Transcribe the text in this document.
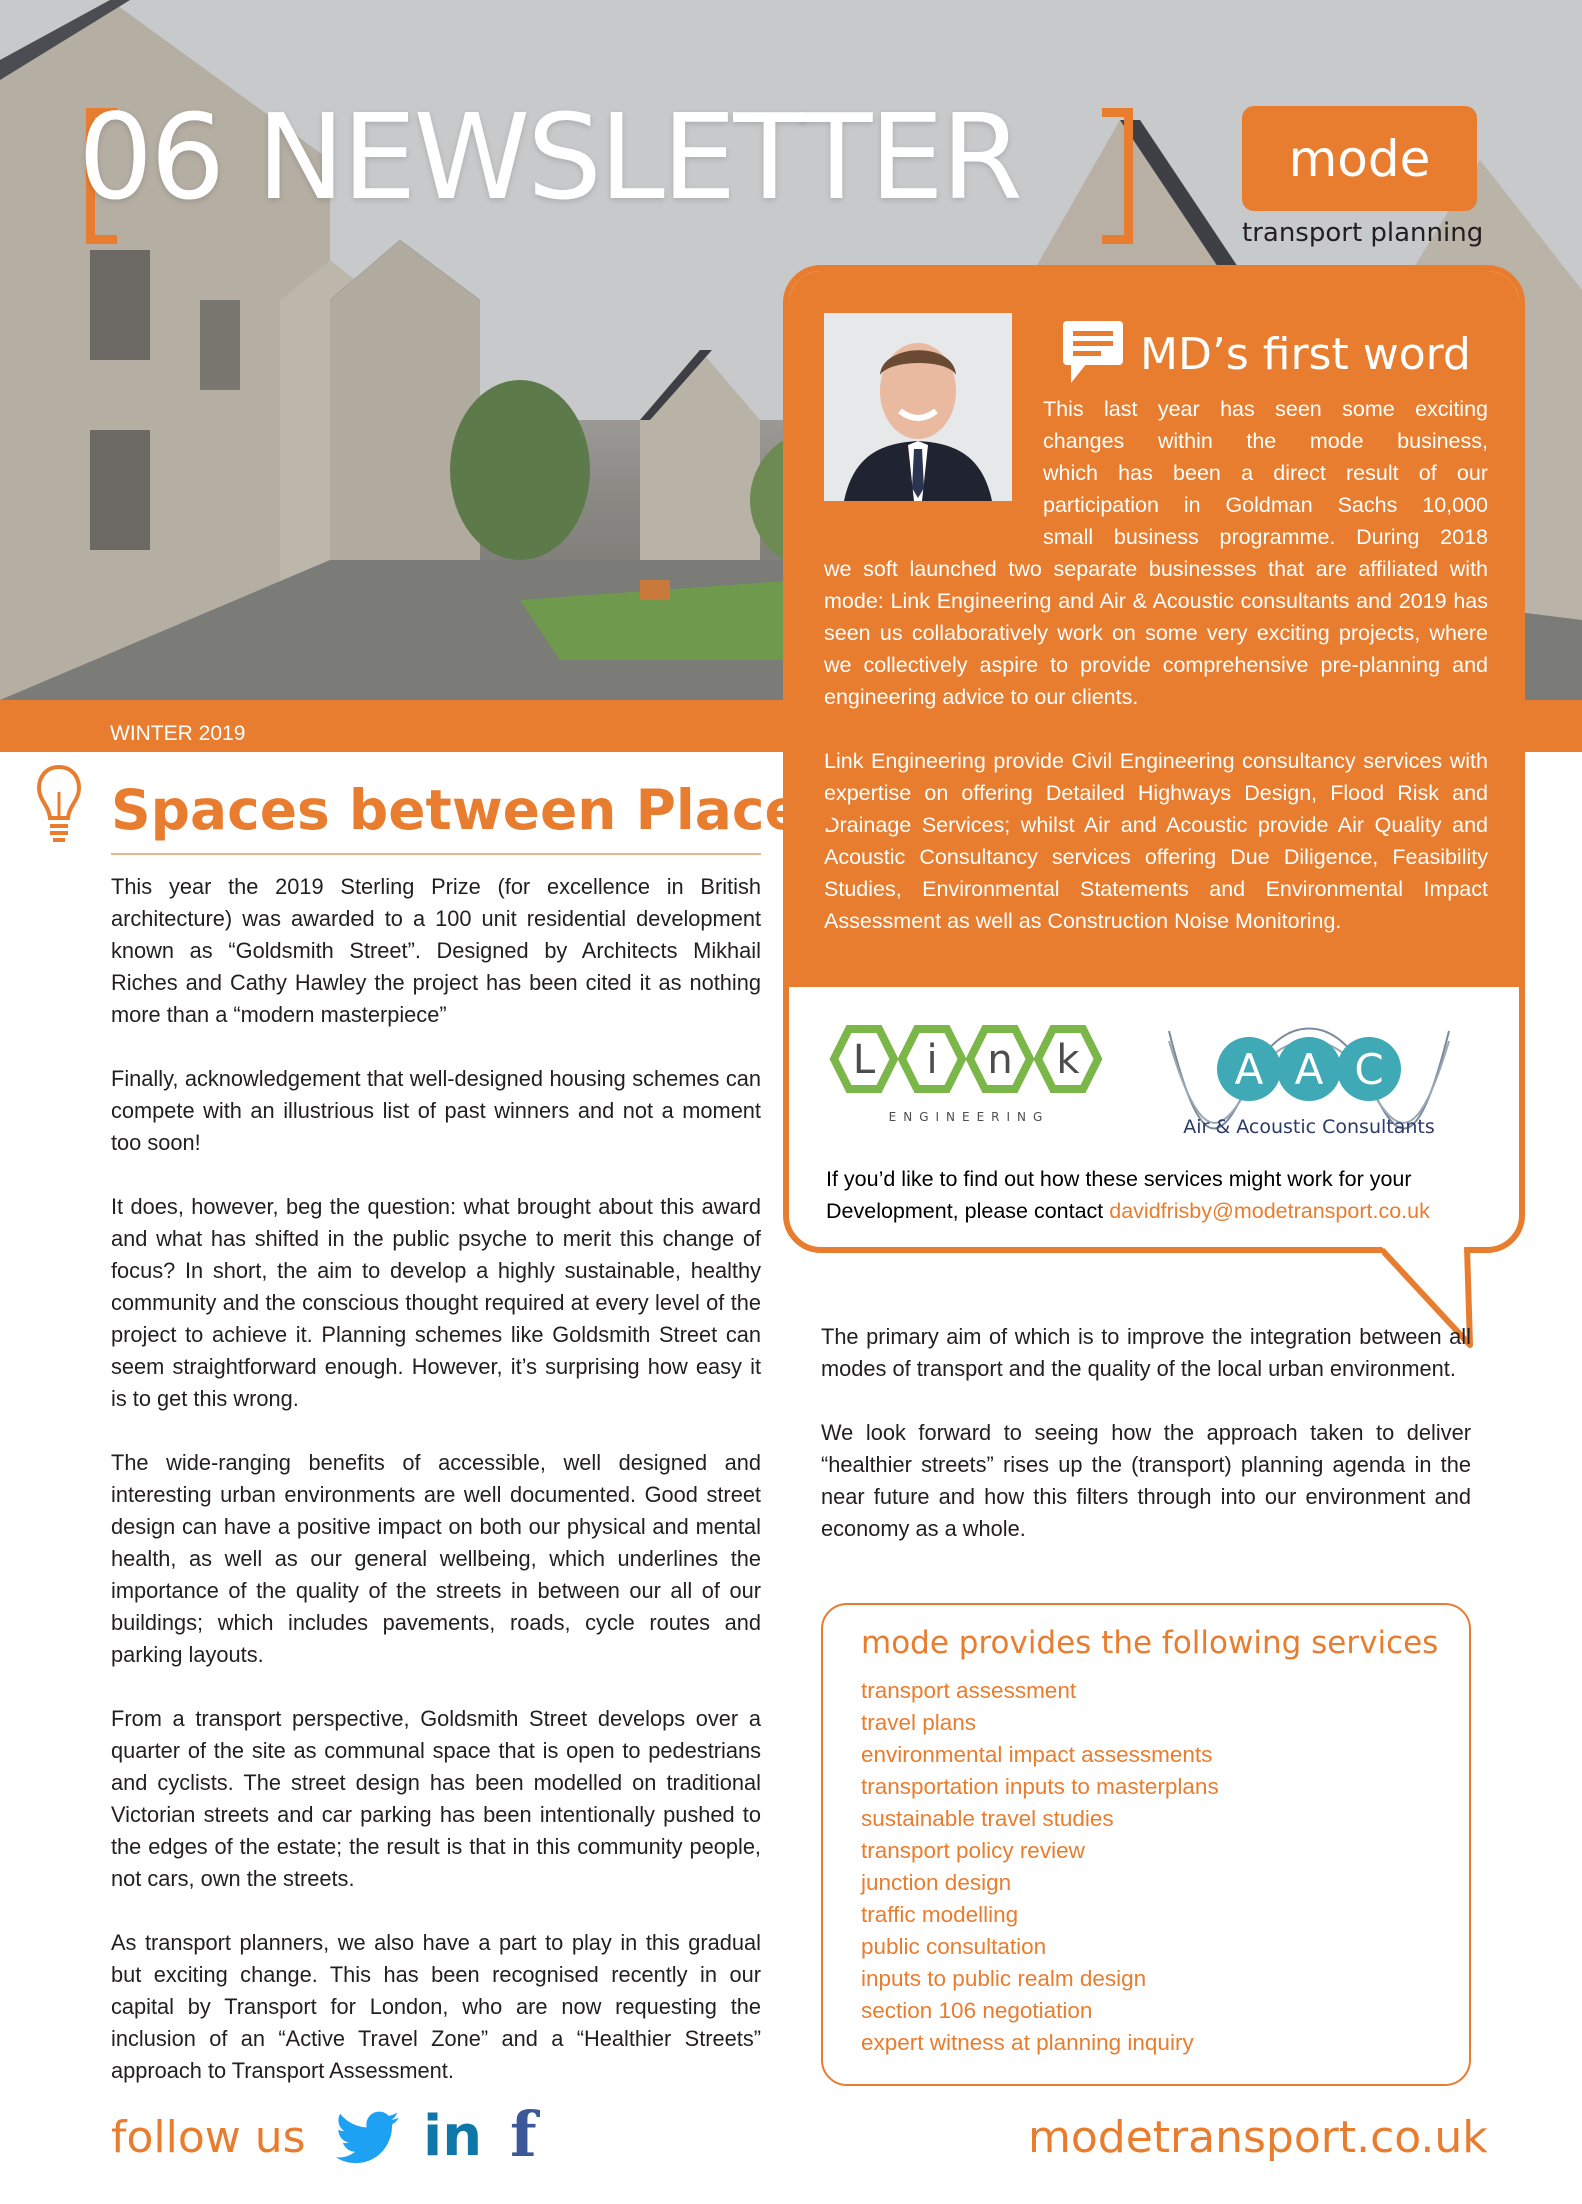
06 NEWSLETTER	mode
transport planning
WINTER 2019
MD’s first word
This last year has seen some exciting
changes within the mode business,
which has been a direct result of our
participation in Goldman Sachs 10,000
small business programme. During 2018

we soft launched two separate businesses that are affiliated with mode: Link Engineering and Air & Acoustic consultants and 2019 has seen us collaboratively work on some very exciting projects, where we collectively aspire to provide comprehensive pre-planning and engineering advice to our clients.

Link Engineering provide Civil Engineering consultancy services with expertise on offering Detailed Highways Design, Flood Risk and Drainage Services; whilst Air and Acoustic provide Air Quality and Acoustic Consultancy services offering Due Diligence, Feasibility Studies, Environmental Statements and Environmental Impact Assessment as well as Construction Noise Monitoring.

L i n k
ENGINEERING
A A C
Air & Acoustic Consultants
If you’d like to find out how these services might work for your
Development, please contact davidfrisby@modetransport.co.uk
Spaces between Places

This year the 2019 Sterling Prize (for excellence in British architecture) was awarded to a 100 unit residential development known as “Goldsmith Street”. Designed by Architects Mikhail Riches and Cathy Hawley the project has been cited it as nothing more than a “modern masterpiece”

Finally, acknowledgement that well-designed housing schemes can compete with an illustrious list of past winners and not a moment too soon!

It does, however, beg the question: what brought about this award and what has shifted in the public psyche to merit this change of focus? In short, the aim to develop a highly sustainable, healthy community and the conscious thought required at every level of the project to achieve it. Planning schemes like Goldsmith Street can seem straightforward enough. However, it’s surprising how easy it is to get this wrong.

The wide-ranging benefits of accessible, well designed and interesting urban environments are well documented. Good street design can have a positive impact on both our physical and mental health, as well as our general wellbeing, which underlines the importance of the quality of the streets in between our all of our buildings; which includes pavements, roads, cycle routes and parking layouts.

From a transport perspective, Goldsmith Street develops over a quarter of the site as communal space that is open to pedestrians and cyclists. The street design has been modelled on traditional Victorian streets and car parking has been intentionally pushed to the edges of the estate; the result is that in this community people, not cars, own the streets.

As transport planners, we also have a part to play in this gradual but exciting change. This has been recognised recently in our capital by Transport for London, who are now requesting the inclusion of an “Active Travel Zone” and a “Healthier Streets” approach to Transport Assessment.

The primary aim of which is to improve the integration between all modes of transport and the quality of the local urban environment.

We look forward to seeing how the approach taken to deliver “healthier streets” rises up the (transport) planning agenda in the near future and how this filters through into our environment and economy as a whole.

mode provides the following services
transport assessment
travel plans
environmental impact assessments
transportation inputs to masterplans
sustainable travel studies
transport policy review
junction design
traffic modelling
public consultation
inputs to public realm design
section 106 negotiation
expert witness at planning inquiry
follow us in f	modetransport.co.uk
